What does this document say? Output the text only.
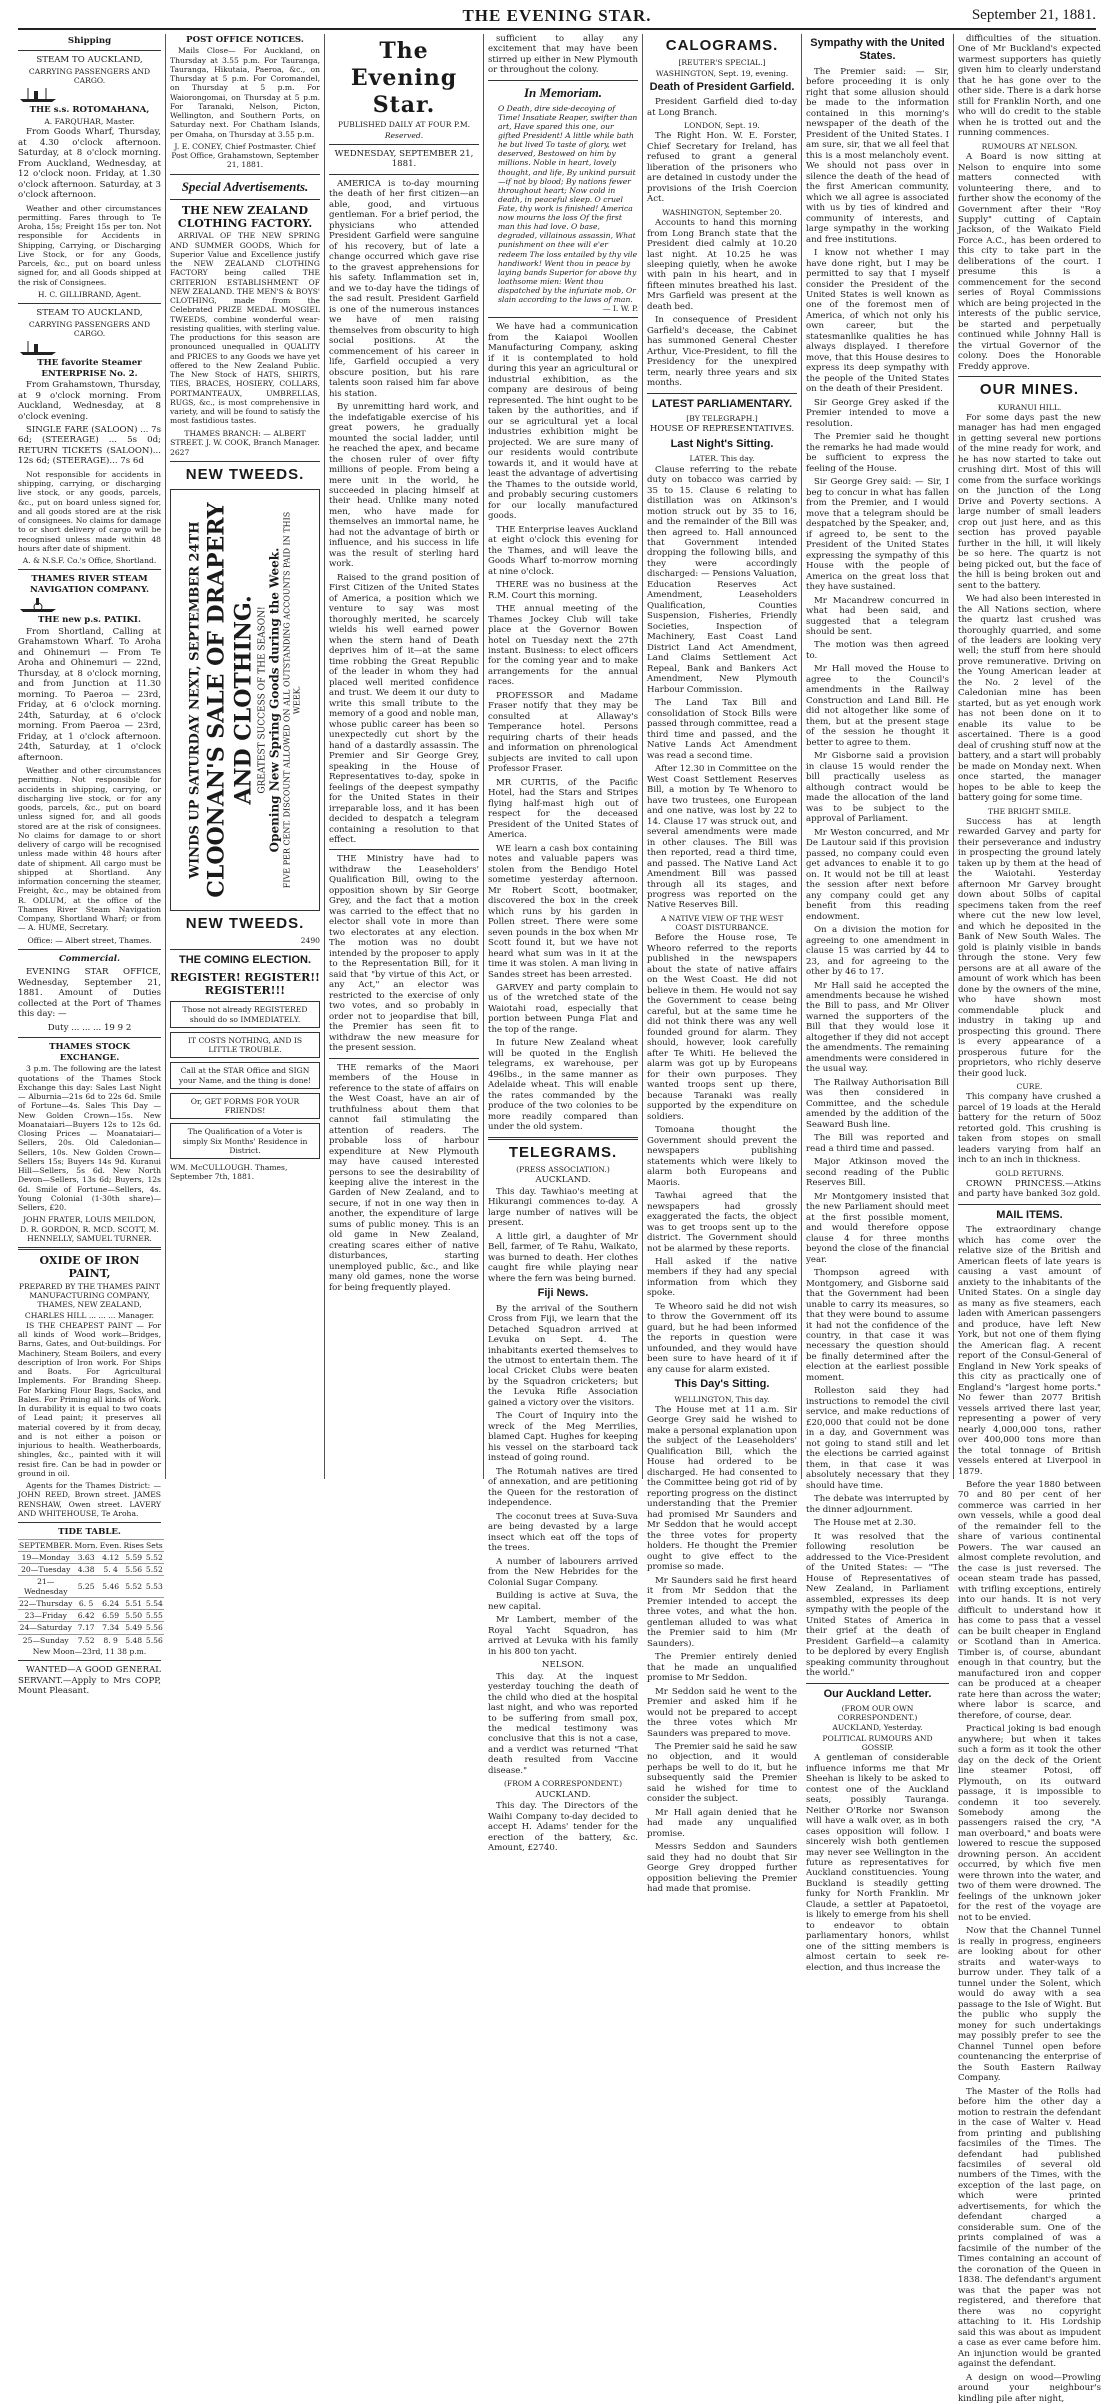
THE EVENING STAR.	September 21, 1881.
Shipping
STEAM TO AUCKLAND,
CARRYING PASSENGERS AND CARGO.
THE s.s. ROTOMAHANA,
A. FARQUHAR, Master.

From Goods Wharf, Thursday, at 4.30 o'clock afternoon. Saturday, at 8 o'clock morning. From Auckland, Wednesday, at 12 o'clock noon. Friday, at 1.30 o'clock afternoon. Saturday, at 3 o'clock afternoon.

Weather and other circumstances permitting. Fares through to Te Aroha, 15s; Freight 15s per ton. Not responsible for Accidents in Shipping, Carrying, or Discharging Live Stock, or for any Goods, Parcels, &c., put on board unless signed for, and all Goods shipped at the risk of Consignees.

H. C. GILLIBRAND, Agent.
STEAM TO AUCKLAND,
CARRYING PASSENGERS AND CARGO.
THE favorite Steamer ENTERPRISE No. 2.

From Grahamstown, Thursday, at 9 o'clock morning. From Auckland, Wednesday, at 8 o'clock evening.

SINGLE FARE (SALOON) ... 7s 6d; (STEERAGE) ... 5s 0d; RETURN TICKETS (SALOON)... 12s 6d; (STEERAGE)... 7s 6d

Not responsible for accidents in shipping, carrying, or discharging live stock, or any goods, parcels, &c., put on board unless signed for, and all goods stored are at the risk of consignees. No claims for damage to or short delivery of cargo will be recognised unless made within 48 hours after date of shipment.

A. & N.S.F. Co.'s Office, Shortland.
THAMES RIVER STEAM NAVIGATION COMPANY.
THE new p.s. PATIKI.

From Shortland, Calling at Grahamstown Wharf. To Aroha and Ohinemuri — From Te Aroha and Ohinemuri — 22nd, Thursday, at 8 o'clock morning, and from Junction at 11.30 morning. To Paeroa — 23rd, Friday, at 6 o'clock morning. 24th, Saturday, at 6 o'clock morning. From Paeroa — 23rd, Friday, at 1 o'clock afternoon. 24th, Saturday, at 1 o'clock afternoon.

Weather and other circumstances permitting. Not responsible for accidents in shipping, carrying, or discharging live stock, or for any goods, parcels, &c., put on board unless signed for, and all goods stored are at the risk of consignees. No claims for damage to or short delivery of cargo will be recognised unless made within 48 hours after date of shipment. All cargo must be shipped at Shortland. Any information concerning the steamer, Freight, &c., may be obtained from R. ODLUM, at the office of the Thames River Steam Navigation Company, Shortland Wharf; or from — A. HUME, Secretary.

Office: — Albert street, Thames.
Commercial.

EVENING STAR OFFICE, Wednesday, September 21, 1881. Amount of Duties collected at the Port of Thames this day: —

Duty ... ... ... 19 9 2
THAMES STOCK EXCHANGE.

3 p.m. The following are the latest quotations of the Thames Stock Exchange this day: Sales Last Night — Alburnia—21s 6d to 22s 6d. Smile of Fortune—4s. Sales This Day — New Golden Crown—15s. New Moanataiari—Buyers 12s to 12s 6d. Closing Prices — Moanataiari—Sellers, 20s. Old Caledonian—Sellers, 10s. New Golden Crown—Sellers 15s; Buyers 14s 9d. Kuranui Hill—Sellers, 5s 6d. New North Devon—Sellers, 13s 6d; Buyers, 12s 6d. Smile of Fortune—Sellers, 4s. Young Colonial (1-30th share)—Sellers, £20.

JOHN FRATER, LOUIS MEILDON, D. R. GORDON, R. MCD. SCOTT, M. HENNELLY, SAMUEL TURNER.
OXIDE OF IRON PAINT,
PREPARED BY THE THAMES PAINT MANUFACTURING COMPANY, THAMES, NEW ZEALAND,
CHARLES HILL ... ... ... Manager.

IS THE CHEAPEST PAINT — For all kinds of Wood work—Bridges, Barns, Gates, and Out-buildings. For Machinery, Steam Boilers, and every description of Iron work. For Ships and Boats. For Agricultural Implements. For Branding Sheep. For Marking Flour Bags, Sacks, and Bales. For Priming all kinds of Work. In durability it is equal to two coats of Lead paint; it preserves all material covered by it from decay, and is not either a poison or injurious to health. Weatherboards, shingles, &c., painted with it will resist fire. Can be had in powder or ground in oil.

Agents for the Thames District: — JOHN REED, Brown street. JAMES RENSHAW, Owen street. LAVERY AND WHITEHOUSE, Te Aroha.

TIDE TABLE.
SEPTEMBER.	Morn.	Even.	Rises	Sets
19—Monday	3.63	4.12	5.59	5.52
20—Tuesday	4.38	5. 4	5.56	5.52
21—Wednesday	5.25	5.46	5.52	5.53
22—Thursday	6. 5	6.24	5.51	5.54
23—Friday	6.42	6.59	5.50	5.55
24—Saturday	7.17	7.34	5.49	5.56
25—Sunday	7.52	8. 9	5.48	5.56
New Moon—23rd, 11 38 p.m.

WANTED—A GOOD GENERAL SERVANT.—Apply to Mrs COPP, Mount Pleasant.

POST OFFICE NOTICES.

Mails Close— For Auckland, on Thursday at 3.55 p.m. For Tauranga, Tauranga, Hikutaia, Paeroa, &c., on Thursday at 5 p.m. For Coromandel, on Thursday at 5 p.m. For Waiorongomai, on Thursday at 5 p.m. For Taranaki, Nelson, Picton, Wellington, and Southern Ports, on Saturday next. For Chatham Islands, per Omaha, on Thursday at 3.55 p.m.

J. E. CONEY, Chief Postmaster. Chief Post Office, Grahamstown, September 21, 1881.
Special Advertisements.
THE NEW ZEALAND CLOTHING FACTORY.

ARRIVAL OF THE NEW SPRING AND SUMMER GOODS, Which for Superior Value and Excellence justify the NEW ZEALAND CLOTHING FACTORY being called THE CRITERION ESTABLISHMENT OF NEW ZEALAND. THE MEN'S & BOYS' CLOTHING, made from the Celebrated PRIZE MEDAL MOSGIEL TWEEDS, combine wonderful wear-resisting qualities, with sterling value. The productions for this season are pronounced unequalled in QUALITY and PRICES to any Goods we have yet offered to the New Zealand Public. The New Stock of HATS, SHIRTS, TIES, BRACES, HOSIERY, COLLARS, PORTMANTEAUX, UMBRELLAS, RUGS, &c., is most comprehensive in variety, and will be found to satisfy the most fastidious tastes.

THAMES BRANCH: — ALBERT STREET. J. W. COOK, Branch Manager.
2627
NEW TWEEDS.
WINDS UP SATURDAY NEXT, SEPTEMBER 24TH CLOONAN'S SALE OF DRAPERY AND CLOTHING. GREATEST SUCCESS OF THE SEASON! Opening New Spring Goods during the Week. FIVE PER CENT. DISCOUNT ALLOWED ON ALL OUTSTANDING ACCOUNTS PAID IN THIS WEEK.
NEW TWEEDS.
2490
THE COMING ELECTION.
REGISTER! REGISTER!! REGISTER!!!
Those not already REGISTERED should do so IMMEDIATELY.
IT COSTS NOTHING, AND IS LITTLE TROUBLE.
Call at the STAR Office and SIGN your Name, and the thing is done!
Or, GET FORMS FOR YOUR FRIENDS!
The Qualification of a Voter is simply Six Months' Residence in District.
WM. McCULLOUGH. Thames, September 7th, 1881.
The Evening Star.
PUBLISHED DAILY AT FOUR P.M.
Reserved.
WEDNESDAY, SEPTEMBER 21, 1881.

AMERICA is to-day mourning the death of her first citizen—an able, good, and virtuous gentleman. For a brief period, the physicians who attended President Garfield were sanguine of his recovery, but of late a change occurred which gave rise to the gravest apprehensions for his safety. Inflammation set in, and we to-day have the tidings of the sad result. President Garfield is one of the numerous instances we have of men raising themselves from obscurity to high social positions. At the commencement of his career in life, Garfield occupied a very obscure position, but his rare talents soon raised him far above his station.

By unremitting hard work, and the indefatigable exercise of his great powers, he gradually mounted the social ladder, until he reached the apex, and became the chosen ruler of over fifty millions of people. From being a mere unit in the world, he succeeded in placing himself at their head. Unlike many noted men, who have made for themselves an immortal name, he had not the advantage of birth or influence, and his success in life was the result of sterling hard work.

Raised to the grand position of First Citizen of the United States of America, a position which we venture to say was most thoroughly merited, he scarcely wields his well earned power when the stern hand of Death deprives him of it—at the same time robbing the Great Republic of the leader in whom they had placed well merited confidence and trust. We deem it our duty to write this small tribute to the memory of a good and noble man, whose public career has been so unexpectedly cut short by the hand of a dastardly assassin. The Premier and Sir George Grey, speaking in the House of Representatives to-day, spoke in feelings of the deepest sympathy for the United States in their irreparable loss, and it has been decided to despatch a telegram containing a resolution to that effect.

THE Ministry have had to withdraw the Leaseholders' Qualification Bill, owing to the opposition shown by Sir George Grey, and the fact that a motion was carried to the effect that no elector shall vote in more than two electorates at any election. The motion was no doubt intended by the proposer to apply to the Representation Bill, for it said that "by virtue of this Act, or any Act," an elector was restricted to the exercise of only two votes, and so probably in order not to jeopardise that bill, the Premier has seen fit to withdraw the new measure for the present session.

THE remarks of the Maori members of the House in reference to the state of affairs on the West Coast, have an air of truthfulness about them that cannot fail stimulating the attention of readers. The probable loss of harbour expenditure at New Plymouth may have caused interested persons to see the desirability of keeping alive the interest in the Garden of New Zealand, and to secure, if not in one way then in another, the expenditure of large sums of public money. This is an old game in New Zealand, creating scares either of native disturbances, starting unemployed public, &c., and like many old games, none the worse for being frequently played.

sufficient to allay any excitement that may have been stirred up either in New Plymouth or throughout the colony.

In Memoriam.
O Death, dire side-decoying of Time! Insatiate Reaper, swifter than art, Have spared this one, our gifted President! A little while bath he but lived To taste of glory, wet deserved, Bestowed on him by millions. Noble in heart, lovely thought, and life, By unkind pursuit—if not by blood; By nations fewer throughout heart; Now cold in death, in peaceful sleep. O cruel Fate, thy work is finished! America now mourns the loss Of the first man this had love. O base, degraded, villainous assassin, What punishment on thee will e'er redeem The loss entailed by thy vile handiwork! Went thou in peace by laying bands Superior for above thy loathsome mien: Went thou dispatched by the infuriate mob, Or slain according to the laws of man.
— I. W. P.

We have had a communication from the Kaiapoi Woollen Manufacturing Company, asking if it is contemplated to hold during this year an agricultural or industrial exhibition, as the company are desirous of being represented. The hint ought to be taken by the authorities, and if our se agricultural yet a local industries exhibition might be projected. We are sure many of our residents would contribute towards it, and it would have at least the advantage of advertising the Thames to the outside world, and probably securing customers for our locally manufactured goods.

THE Enterprise leaves Auckland at eight o'clock this evening for the Thames, and will leave the Goods Wharf to-morrow morning at nine o'clock.

THERE was no business at the R.M. Court this morning.

THE annual meeting of the Thames Jockey Club will take place at the Governor Bowen hotel on Tuesday next the 27th instant. Business: to elect officers for the coming year and to make arrangements for the annual races.

PROFESSOR and Madame Fraser notify that they may be consulted at Allaway's Temperance hotel. Persons requiring charts of their heads and information on phrenological subjects are invited to call upon Professor Fraser.

MR CURTIS, of the Pacific Hotel, had the Stars and Stripes flying half-mast high out of respect for the deceased President of the United States of America.

WE learn a cash box containing notes and valuable papers was stolen from the Bendigo Hotel sometime yesterday afternoon. Mr Robert Scott, bootmaker, discovered the box in the creek which runs by his garden in Pollen street. There were some seven pounds in the box when Mr Scott found it, but we have not heard what sum was in it at the time it was stolen. A man living in Sandes street has been arrested.

GARVEY and party complain to us of the wretched state of the Waiotahi road, especially that portion between Punga Flat and the top of the range.

In future New Zealand wheat will be quoted in the English telegrams, ex warehouse, per 496lbs., in the same manner as Adelaide wheat. This will enable the rates commanded by the produce of the two colonies to be more readily compared than under the old system.

TELEGRAMS.
(PRESS ASSOCIATION.)
AUCKLAND.

This day. Tawhiao's meeting at Hikurangi commences to-day. A large number of natives will be present.

A little girl, a daughter of Mr Bell, farmer, of Te Rahu, Waikato, was burned to death. Her clothes caught fire while playing near where the fern was being burned.

Fiji News.

By the arrival of the Southern Cross from Fiji, we learn that the Detached Squadron arrived at Levuka on Sept. 4. The inhabitants exerted themselves to the utmost to entertain them. The local Cricket Clubs were beaten by the Squadron cricketers; but the Levuka Rifle Association gained a victory over the visitors.

The Court of Inquiry into the wreck of the Meg Merrilies, blamed Capt. Hughes for keeping his vessel on the starboard tack instead of going round.

The Rotumah natives are tired of annexation, and are petitioning the Queen for the restoration of independence.

The coconut trees at Suva-Suva are being devasted by a large insect which eat off the tops of the trees.

A number of labourers arrived from the New Hebrides for the Colonial Sugar Company.

Building is active at Suva, the new capital.

Mr Lambert, member of the Royal Yacht Squadron, has arrived at Levuka with his family in his 800 ton yacht.

NELSON.

This day. At the inquest yesterday touching the death of the child who died at the hospital last night, and who was reported to be suffering from small pox, the medical testimony was conclusive that this is not a case, and a verdict was returned "That death resulted from Vaccine disease."

(FROM A CORRESPONDENT.)
AUCKLAND.

This day. The Directors of the Waihi Company to-day decided to accept H. Adams' tender for the erection of the battery, &c. Amount, £2740.

CALOGRAMS.
[REUTER'S SPECIAL.]
WASHINGTON, Sept. 19, evening.
Death of President Garfield.

President Garfield died to-day at Long Branch.

LONDON, Sept. 19.

The Right Hon. W. E. Forster, Chief Secretary for Ireland, has refused to grant a general liberation of the prisoners who are detained in custody under the provisions of the Irish Coercion Act.

WASHINGTON, September 20.

Accounts to hand this morning from Long Branch state that the President died calmly at 10.20 last night. At 10.25 he was sleeping quietly, when he awoke with pain in his heart, and in fifteen minutes breathed his last. Mrs Garfield was present at the death bed.

In consequence of President Garfield's decease, the Cabinet has summoned General Chester Arthur, Vice-President, to fill the Presidency for the unexpired term, nearly three years and six months.

LATEST PARLIAMENTARY.
[BY TELEGRAPH.]
HOUSE OF REPRESENTATIVES.
Last Night's Sitting.
LATER. This day.

Clause referring to the rebate duty on tobacco was carried by 35 to 15. Clause 6 relating to distillation was on Atkinson's motion struck out by 35 to 16, and the remainder of the Bill was then agreed to. Hall announced that Government intended dropping the following bills, and they were accordingly discharged: — Pensions Valuation, Education Reserves Act Amendment, Leaseholders Qualification, Counties Suspension, Fisheries, Friendly Societies, Inspection of Machinery, East Coast Land District Land Act Amendment, Land Claims Settlement Act Repeal, Bank and Bankers Act Amendment, New Plymouth Harbour Commission.

The Land Tax Bill and consolidation of Stock Bills were passed through committee, read a third time and passed, and the Native Lands Act Amendment was read a second time.

After 12.30 in Committee on the West Coast Settlement Reserves Bill, a motion by Te Whenoro to have two trustees, one European and one native, was lost by 22 to 14. Clause 17 was struck out, and several amendments were made in other clauses. The Bill was then reported, read a third time, and passed. The Native Land Act Amendment Bill was passed through all its stages, and progress was reported on the Native Reserves Bill.

A NATIVE VIEW OF THE WEST COAST DISTURBANCE.

Before the House rose, Te Wheoro referred to the reports published in the newspapers about the state of native affairs on the West Coast. He did not believe in them. He would not say the Government to cease being careful, but at the same time he did not think there was any well founded ground for alarm. They should, however, look carefully after Te Whiti. He believed the alarm was got up by Europeans for their own purposes. They wanted troops sent up there, because Taranaki was really supported by the expenditure on soldiers.

Tomoana thought the Government should prevent the newspapers publishing statements which were likely to alarm both Europeans and Maoris.

Tawhai agreed that the newspapers had grossly exaggerated the facts, the object was to get troops sent up to the district. The Government should not be alarmed by these reports.

Hall asked if the native members if they had any special information from which they spoke.

Te Wheoro said he did not wish to throw the Government off its guard, but he had been informed the reports in question were unfounded, and they would have been sure to have heard of it if any cause for alarm existed.

This Day's Sitting.
WELLINGTON, This day.

The House met at 11 a.m. Sir George Grey said he wished to make a personal explanation upon the subject of the Leaseholders' Qualification Bill, which the House had ordered to be discharged. He had consented to the Committee being got rid of by reporting progress on the distinct understanding that the Premier had promised Mr Saunders and Mr Seddon that he would accept the three votes for property holders. He thought the Premier ought to give effect to the promise so made.

Mr Saunders said he first heard it from Mr Seddon that the Premier intended to accept the three votes, and what the hon. gentleman alluded to was what the Premier said to him (Mr Saunders).

The Premier entirely denied that he made an unqualified promise to Mr Seddon.

Mr Seddon said he went to the Premier and asked him if he would not be prepared to accept the three votes which Mr Saunders was prepared to move.

The Premier said he said he saw no objection, and it would perhaps be well to do it, but he subsequently said the Premier said he wished for time to consider the subject.

Mr Hall again denied that he had made any unqualified promise.

Messrs Seddon and Saunders said they had no doubt that Sir George Grey dropped further opposition believing the Premier had made that promise.

Sympathy with the United States.

The Premier said: — Sir, before proceeding it is only right that some allusion should be made to the information contained in this morning's newspaper of the death of the President of the United States. I am sure, sir, that we all feel that this is a most melancholy event. We should not pass over in silence the death of the head of the first American community, which we all agree is associated with us by ties of kindred and community of interests, and large sympathy in the working and free institutions.

I know not whether I may have done right, but I may be permitted to say that I myself consider the President of the United States is well known as one of the foremost men of America, of which not only his own career, but the statesmanlike qualities he has always displayed. I therefore move, that this House desires to express its deep sympathy with the people of the United States on the death of their President.

Sir George Grey asked if the Premier intended to move a resolution.

The Premier said he thought the remarks he had made would be sufficient to express the feeling of the House.

Sir George Grey said: — Sir, I beg to concur in what has fallen from the Premier, and I would move that a telegram should be despatched by the Speaker, and, if agreed to, be sent to the President of the United States expressing the sympathy of this House with the people of America on the great loss that they have sustained.

Mr Macandrew concurred in what had been said, and suggested that a telegram should be sent.

The motion was then agreed to.

Mr Hall moved the House to agree to the Council's amendments in the Railway Construction and Land Bill. He did not altogether like some of them, but at the present stage of the session he thought it better to agree to them.

Mr Gisborne said a provision in clause 15 would render the bill practically useless as although contract would be made the allocation of the land was to be subject to the approval of Parliament.

Mr Weston concurred, and Mr De Lautour said if this provision passed, no company could even get advances to enable it to go on. It would not be till at least the session after next before any company could get any benefit from this reading endowment.

On a division the motion for agreeing to one amendment in clause 15 was carried by 44 to 23, and for agreeing to the other by 46 to 17.

Mr Hall said he accepted the amendments because he wished the Bill to pass, and Mr Oliver warned the supporters of the Bill that they would lose it altogether if they did not accept the amendments. The remaining amendments were considered in the usual way.

The Railway Authorisation Bill was then considered in Committee, and the schedule amended by the addition of the Seaward Bush line.

The Bill was reported and read a third time and passed.

Major Atkinson moved the second reading of the Public Reserves Bill.

Mr Montgomery insisted that the new Parliament should meet at the first possible moment, and would therefore oppose clause 4 for three months beyond the close of the financial year.

Thompson agreed with Montgomery, and Gisborne said that the Government had been unable to carry its measures, so that they were bound to assume it had not the confidence of the country, in that case it was necessary the question should be finally determined after the election at the earliest possible moment.

Rolleston said they had instructions to remodel the civil service, and make reductions of £20,000 that could not be done in a day, and Government was not going to stand still and let the elections be carried against them, in that case it was absolutely necessary that they should have time.

The debate was interrupted by the dinner adjournment.

The House met at 2.30.

It was resolved that the following resolution be addressed to the Vice-President of the United States: — "The House of Representatives of New Zealand, in Parliament assembled, expresses its deep sympathy with the people of the United States of America in their grief at the death of President Garfield—a calamity to be deplored by every English speaking community throughout the world."

Our Auckland Letter.
(FROM OUR OWN CORRESPONDENT.)
AUCKLAND, Yesterday.
POLITICAL RUMOURS AND GOSSIP.

A gentleman of considerable influence informs me that Mr Sheehan is likely to be asked to contest one of the Auckland seats, possibly Tauranga. Neither O'Rorke nor Swanson will have a walk over, as in both cases opposition will follow. I sincerely wish both gentlemen may never see Wellington in the future as representatives for Auckland constituencies. Young Buckland is steadily getting funky for North Franklin. Mr Claude, a settler at Papatoetoi, is likely to emerge from his shell to endeavor to obtain parliamentary honors, whilst one of the sitting members is almost certain to seek re-election, and thus increase the

difficulties of the situation. One of Mr Buckland's expected warmest supporters has quietly given him to clearly understand that he has gone over to the other side. There is a dark horse still for Franklin North, and one who will do credit to the stable when he is trotted out and the running commences.

RUMOURS AT NELSON.

A Board is now sitting at Nelson to enquire into some matters connected with volunteering there, and to further show the economy of the Government after their "Roy Supply" cutting of Captain Jackson, of the Waikato Field Force A.C., has been ordered to this city to take part in the deliberations of the court. I presume this is a commencement for the second series of Royal Commissions which are being projected in the interests of the public service, be started and perpetually continued while Johnny Hall is the virtual Governor of the colony. Does the Honorable Freddy approve.

OUR MINES.
KURANUI HILL.

For some days past the new manager has had men engaged in getting several new portions of the mine ready for work, and he has now started to take out crushing dirt. Most of this will come from the surface workings on the junction of the Long Drive and Poverty sections. A large number of small leaders crop out just here, and as this section has proved payable further in the hill, it will likely be so here. The quartz is not being picked out, but the face of the hill is being broken out and sent to the battery.

We had also been interested in the All Nations section, where the quartz last crushed was thoroughly quarried, and some of the leaders are looking very well; the stuff from here should prove remunerative. Driving on the Young American leader at the No. 2 level of the Caledonian mine has been started, but as yet enough work has not been done on it to enable its value to be ascertained. There is a good deal of crushing stuff now at the battery, and a start will probably be made on Monday next. When once started, the manager hopes to be able to keep the battery going for some time.

THE BRIGHT SMILE.

Success has at length rewarded Garvey and party for their perseverance and industry in prospecting the ground lately taken up by them at the head of the Waiotahi. Yesterday afternoon Mr Garvey brought down about 50lbs of capital specimens taken from the reef where cut the new low level, and which he deposited in the Bank of New South Wales. The gold is plainly visible in bands through the stone. Very few persons are at all aware of the amount of work which has been done by the owners of the mine, who have shown most commendable pluck and industry in taking up and prospecting this ground. There is every appearance of a prosperous future for the proprietors, who richly deserve their good luck.

CURE.

This company have crushed a parcel of 19 loads at the Herald battery for the return of 50oz retorted gold. This crushing is taken from stopes on small leaders varying from half an inch to an inch in thickness.

GOLD RETURNS.

CROWN PRINCESS.—Atkins and party have banked 3oz gold.

MAIL ITEMS.

The extraordinary change which has come over the relative size of the British and American fleets of late years is causing a vast amount of anxiety to the inhabitants of the United States. On a single day as many as five steamers, each laden with American passengers and produce, have left New York, but not one of them flying the American flag. A recent report of the Consul-General of England in New York speaks of this city as practically one of England's "largest home ports." No fewer than 2077 British vessels arrived there last year, representing a power of very nearly 4,000,000 tons, rather over 400,000 tons more than the total tonnage of British vessels entered at Liverpool in 1879.

Before the year 1880 between 70 and 80 per cent of her commerce was carried in her own vessels, while a good deal of the remainder fell to the share of various continental Powers. The war caused an almost complete revolution, and the case is just reversed. The ocean steam trade has passed, with trifling exceptions, entirely into our hands. It is not very difficult to understand how it has come to pass that a vessel can be built cheaper in England or Scotland than in America. Timber is, of course, abundant enough in that country, but the manufactured iron and copper can be produced at a cheaper rate here than across the water; where labor is scarce, and therefore, of course, dear.

Practical joking is bad enough anywhere; but when it takes such a form as it took the other day on the deck of the Orient line steamer Potosi, off Plymouth, on its outward passage, it is impossible to condemn it too severely. Somebody among the passengers raised the cry, "A man overboard," and boats were lowered to rescue the supposed drowning person. An accident occurred, by which five men were thrown into the water, and two of them were drowned. The feelings of the unknown joker for the rest of the voyage are not to be envied.

Now that the Channel Tunnel is really in progress, engineers are looking about for other straits and water-ways to burrow under. They talk of a tunnel under the Solent, which would do away with a sea passage to the Isle of Wight. But the public who supply the money for such undertakings may possibly prefer to see the Channel Tunnel open before countenancing the enterprise of the South Eastern Railway Company.

The Master of the Rolls had before him the other day a motion to restrain the defendant in the case of Walter v. Head from printing and publishing facsimiles of the Times. The defendant had published facsimiles of several old numbers of the Times, with the exception of the last page, on which were printed advertisements, for which the defendant charged a considerable sum. One of the prints complained of was a facsimile of the number of the Times containing an account of the coronation of the Queen in 1838. The defendant's argument was that the paper was not registered, and therefore that there was no copyright attaching to it. His Lordship said this was about as impudent a case as ever came before him. An injunction would be granted against the defendant.

A design on wood—Prowling around your neighbour's kindling pile after night,
